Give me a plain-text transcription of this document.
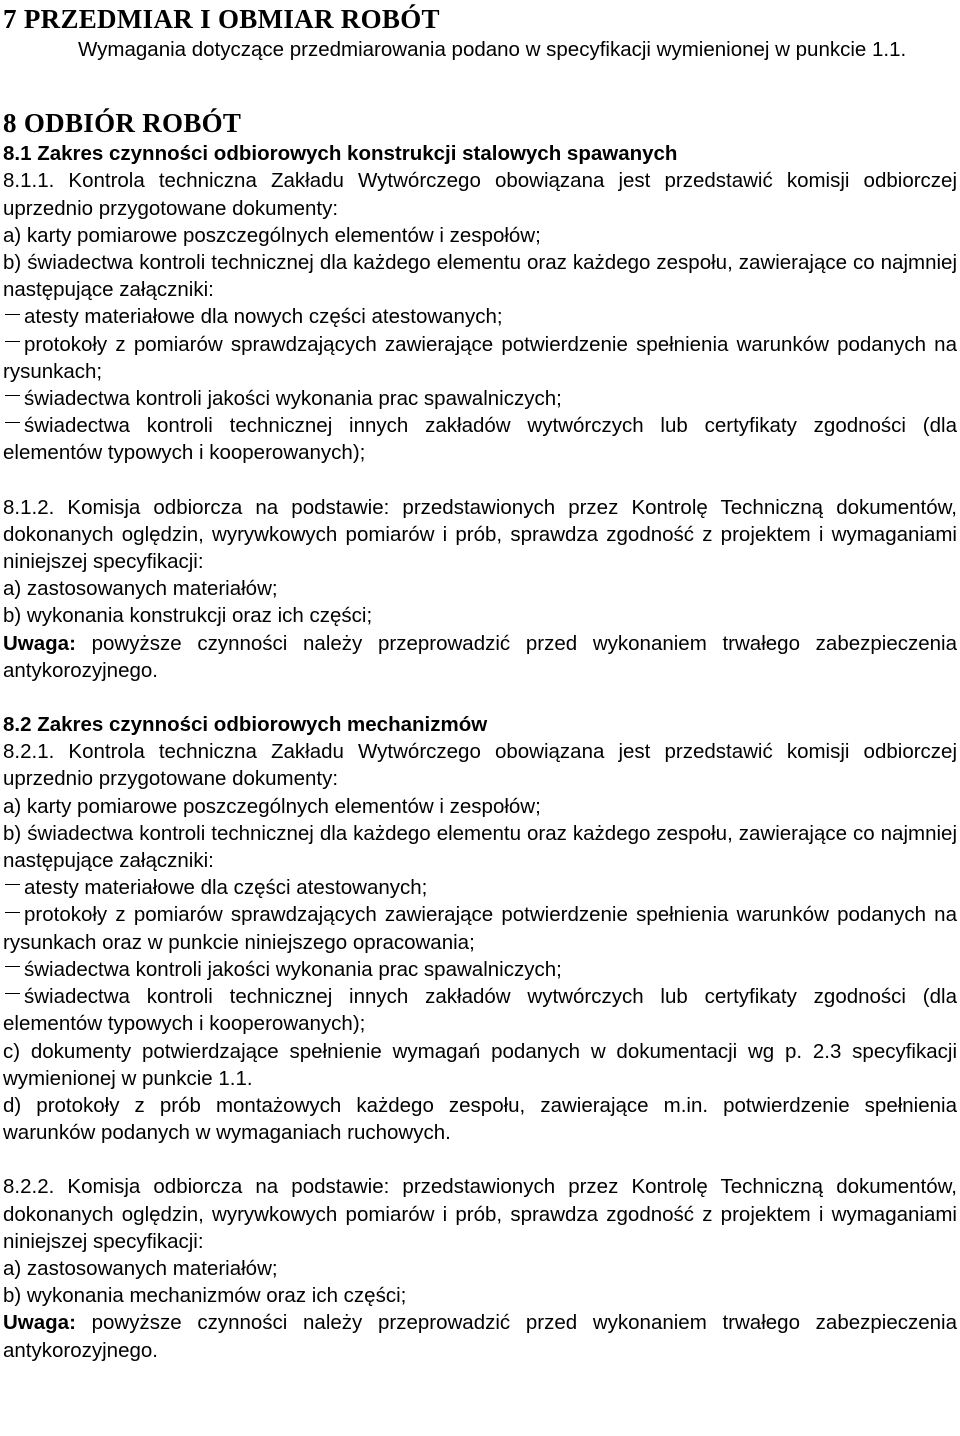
7 PRZEDMIAR I OBMIAR ROBÓT

Wymagania dotyczące przedmiarowania podano w specyfikacji wymienionej w punkcie 1.1.

8 ODBIÓR ROBÓT
8.1 Zakres czynności odbiorowych konstrukcji stalowych spawanych

8.1.1. Kontrola techniczna Zakładu Wytwórczego obowiązana jest przedstawić komisji odbiorczej uprzednio przygotowane dokumenty:

a) karty pomiarowe poszczególnych elementów i zespołów;

b) świadectwa kontroli technicznej dla każdego elementu oraz każdego zespołu, zawierające co najmniej następujące załączniki:

atesty materiałowe dla nowych części atestowanych;

protokoły z pomiarów sprawdzających zawierające potwierdzenie spełnienia warunków podanych na rysunkach;

świadectwa kontroli jakości wykonania prac spawalniczych;

świadectwa kontroli technicznej innych zakładów wytwórczych lub certyfikaty zgodności (dla elementów typowych i kooperowanych);

8.1.2. Komisja odbiorcza na podstawie: przedstawionych przez Kontrolę Techniczną dokumentów, dokonanych oględzin, wyrywkowych pomiarów i prób, sprawdza zgodność z projektem i wymaganiami niniejszej specyfikacji:

a) zastosowanych materiałów;

b) wykonania konstrukcji oraz ich części;

Uwaga: powyższe czynności należy przeprowadzić przed wykonaniem trwałego zabezpieczenia antykorozyjnego.

8.2 Zakres czynności odbiorowych mechanizmów

8.2.1. Kontrola techniczna Zakładu Wytwórczego obowiązana jest przedstawić komisji odbiorczej uprzednio przygotowane dokumenty:

a) karty pomiarowe poszczególnych elementów i zespołów;

b) świadectwa kontroli technicznej dla każdego elementu oraz każdego zespołu, zawierające co najmniej następujące załączniki:

atesty materiałowe dla części atestowanych;

protokoły z pomiarów sprawdzających zawierające potwierdzenie spełnienia warunków podanych na rysunkach oraz w punkcie niniejszego opracowania;

świadectwa kontroli jakości wykonania prac spawalniczych;

świadectwa kontroli technicznej innych zakładów wytwórczych lub certyfikaty zgodności (dla elementów typowych i kooperowanych);

c) dokumenty potwierdzające spełnienie wymagań podanych w dokumentacji wg p. 2.3 specyfikacji wymienionej w punkcie 1.1.

d) protokoły z prób montażowych każdego zespołu, zawierające m.in. potwierdzenie spełnienia warunków podanych w wymaganiach ruchowych.

8.2.2. Komisja odbiorcza na podstawie: przedstawionych przez Kontrolę Techniczną dokumentów, dokonanych oględzin, wyrywkowych pomiarów i prób, sprawdza zgodność z projektem i wymaganiami niniejszej specyfikacji:

a) zastosowanych materiałów;

b) wykonania mechanizmów oraz ich części;

Uwaga: powyższe czynności należy przeprowadzić przed wykonaniem trwałego zabezpieczenia antykorozyjnego.
